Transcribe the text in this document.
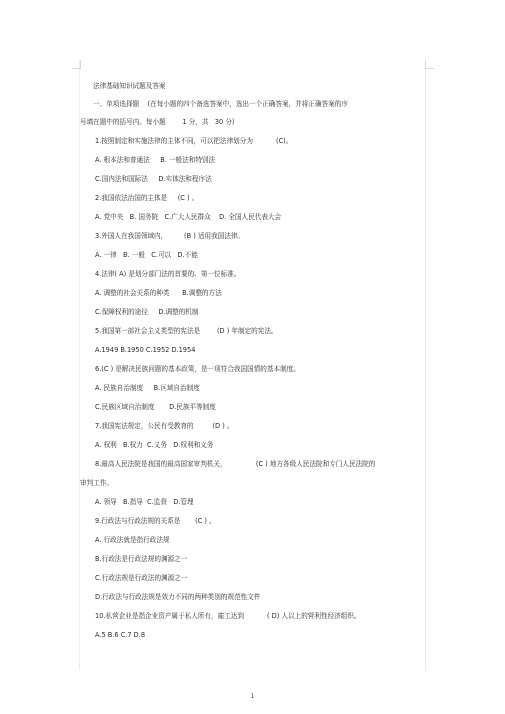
法律基础知识试题及答案
一、单项选择题    (在每小题的四个备选答案中，选出一个正确答案，并将正确答案的序
号填在题中的括号内。每小题        1 分，共   30 分)
1.按照制定和实施法律的主体不同，可以把法律划分为           (C)。
A. 根本法和普通法     B. 一般法和特别法
C.国内法和国际法     D.实体法和程序法
2.我国依法治国的主体是     (C ) 。
A. 党中央   B. 国务院   C.广大人民群众    D. 全国人民代表大会
3.外国人在我国领域内，        (B ) 适用我国法律。
A. 一律   B. 一般   C.可以   D.不能
4.法律( A) 是划分部门法的首要的、第一位标准。
A. 调整的社会关系的种类      B.调整的方法
C.保障权利的途径     D.调整的机制
5.我国第一部社会主义类型的宪法是        (D ) 年制定的宪法。
A.1949 B.1950 C.1952 D.1954
6.(C ) 是解决民族问题的基本政策，是一项符合我国国情的基本制度。
A. 民族自治制度     B.区域自治制度
C.民族区域自治制度       D.民族平等制度
7.我国宪法规定，公民有受教育的         (D ) 。
A. 权利   B.权力  C.义务   D.权利和义务
8.最高人民法院是我国的最高国家审判机关，              (C ) 地方各级人民法院和专门人民法院的
审判工作。
A. 领导   B.指导  C.监督   D.管理
9.行政法与行政法规的关系是       (C ) 。
A. 行政法就是指行政法规
B.行政法是行政法规的渊源之一
C.行政法规是行政法的渊源之一
D.行政法与行政法规是效力不同的两种类别的规范性文件
10.私营企业是指企业资产属于私人所有，雇工达到           ( D) 人以上的营利性经济组织。
A.5 B.6 C.7 D.8
1
